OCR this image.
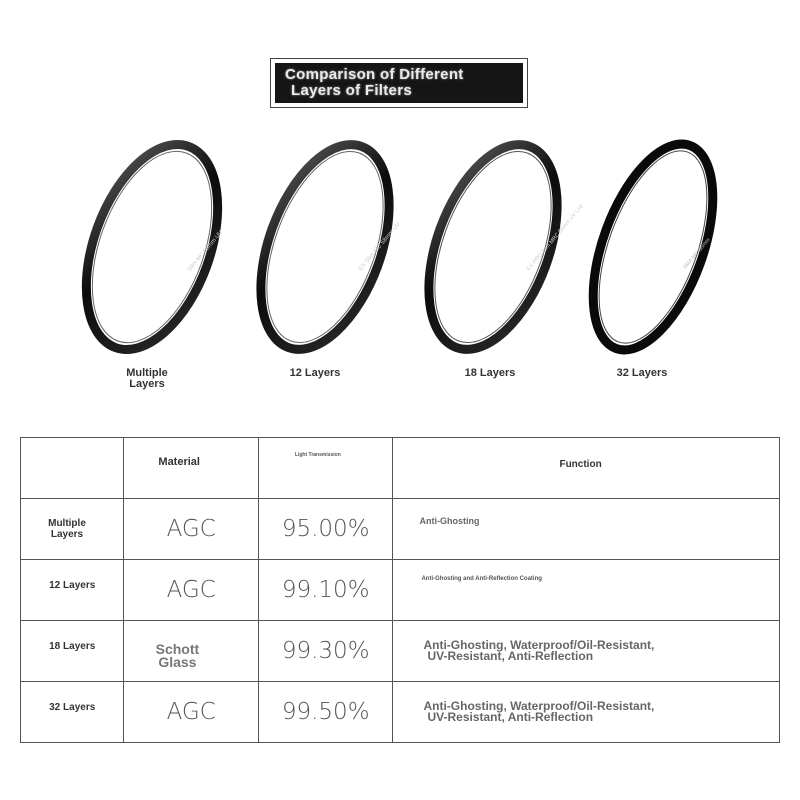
Comparison of Different
Layers of Filters
Slim MC 58mm UV	EX Slim MC 58mm UV	EX-PRO Slim MRC 58mm UV L18	SMA MC 58mm
Multiple Layers
12 Layers	18 Layers	32 Layers

	Material	Light Transmission	Function

Multiple Layers	AGC	95.00%	Anti-Ghosting

12 Layers	AGC	99.10%	Anti-Ghosting and Anti-Reflection Coating

18 Layers	Schott Glass	99.30%	Anti-Ghosting, Waterproof/Oil-Resistant,
UV-Resistant, Anti-Reflection

32 Layers	AGC	99.50%	Anti-Ghosting, Waterproof/Oil-Resistant,
UV-Resistant, Anti-Reflection
